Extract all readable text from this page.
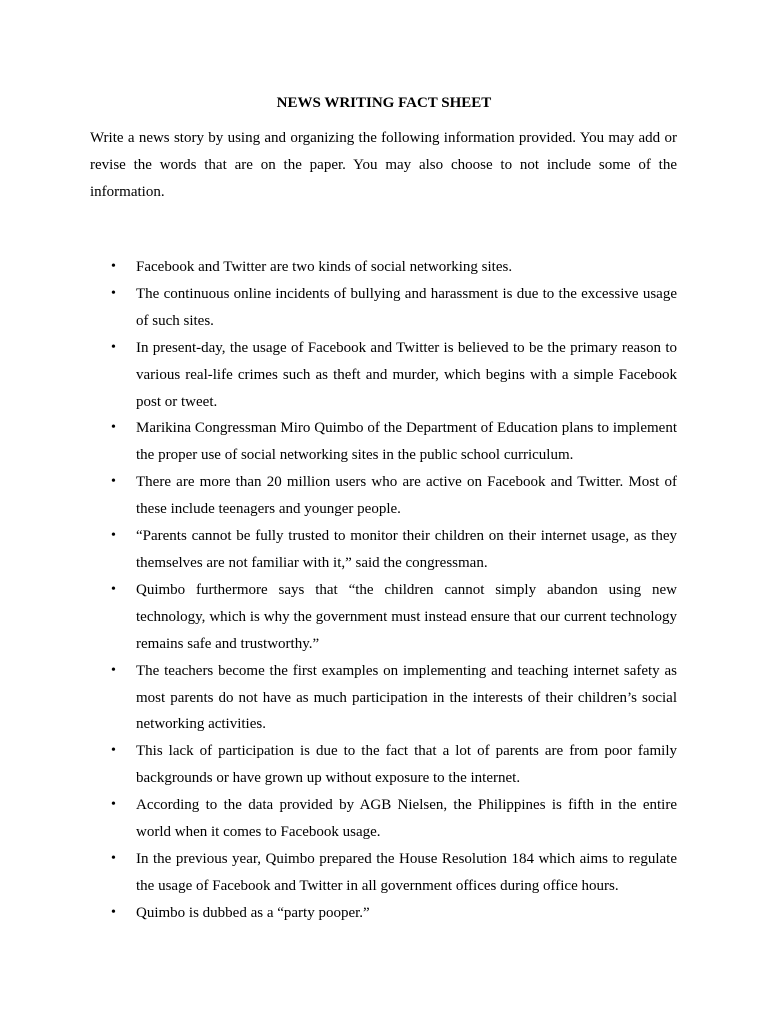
NEWS WRITING FACT SHEET

Write a news story by using and organizing the following information provided. You may add or revise the words that are on the paper. You may also choose to not include some of the information.

• Facebook and Twitter are two kinds of social networking sites.
• The continuous online incidents of bullying and harassment is due to the excessive usage of such sites.
• In present-day, the usage of Facebook and Twitter is believed to be the primary reason to various real-life crimes such as theft and murder, which begins with a simple Facebook post or tweet.
• Marikina Congressman Miro Quimbo of the Department of Education plans to implement the proper use of social networking sites in the public school curriculum.
• There are more than 20 million users who are active on Facebook and Twitter. Most of these include teenagers and younger people.
• “Parents cannot be fully trusted to monitor their children on their internet usage, as they themselves are not familiar with it,” said the congressman.
• Quimbo furthermore says that “the children cannot simply abandon using new technology, which is why the government must instead ensure that our current technology remains safe and trustworthy.”
• The teachers become the first examples on implementing and teaching internet safety as most parents do not have as much participation in the interests of their children’s social networking activities.
• This lack of participation is due to the fact that a lot of parents are from poor family backgrounds or have grown up without exposure to the internet.
• According to the data provided by AGB Nielsen, the Philippines is fifth in the entire world when it comes to Facebook usage.
• In the previous year, Quimbo prepared the House Resolution 184 which aims to regulate the usage of Facebook and Twitter in all government offices during office hours.
• Quimbo is dubbed as a “party pooper.”
